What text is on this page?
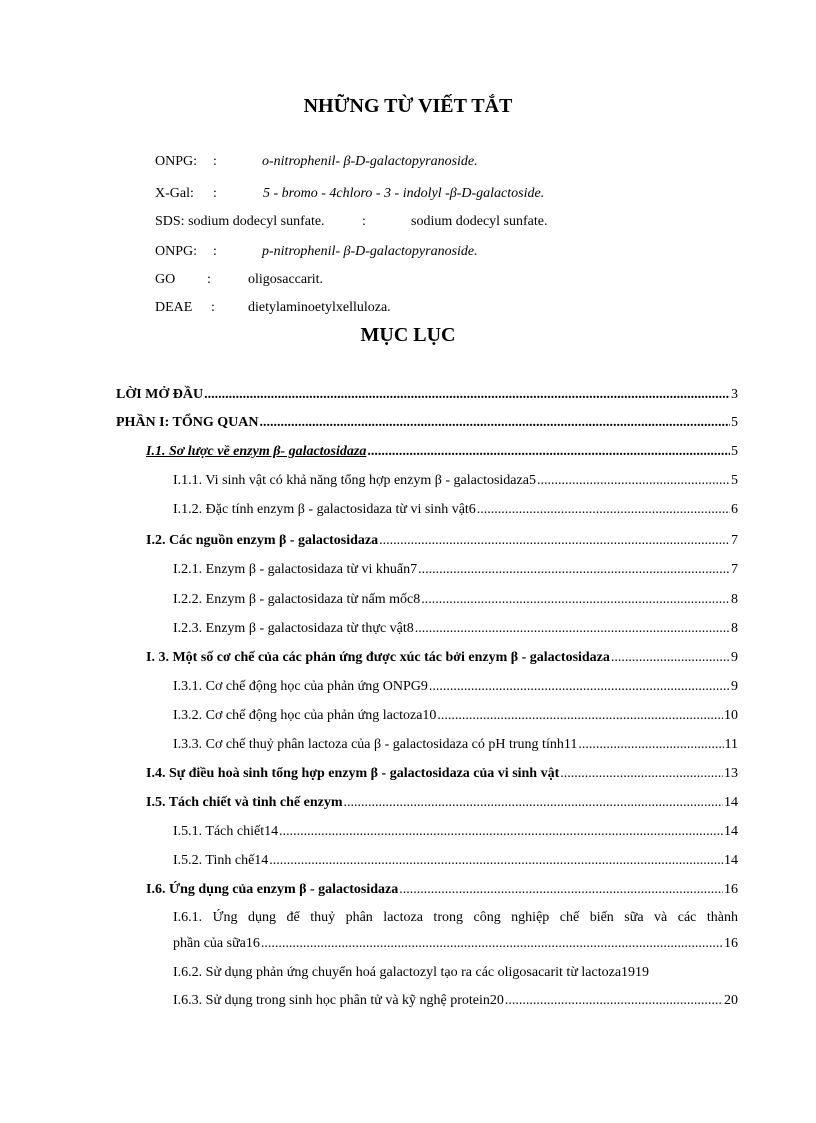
NHỮNG TỪ VIẾT TẮT
ONPG: :	o-nitrophenil- β-D-galactopyranoside.
X-Gal: :	5 - bromo - 4chloro - 3 - indolyl -β-D-galactoside.
SDS: sodium dodecyl sunfate.	:	sodium dodecyl sunfate.
ONPG: :	p-nitrophenil- β-D-galactopyranoside.
GO :	oligosaccarit.
DEAE : dietylaminoetylxelluloza.
MỤC LỤC
LỜI MỞ ĐẦU .....	3
PHẦN I: TỔNG QUAN .....	5
I.1. Sơ lược về enzym β- galactosidaza .....	5
I.1.1. Vi sinh vật có khả năng tổng hợp enzym β - galactosidaza5 .....	5
I.1.2. Đặc tính enzym β - galactosidaza từ vi sinh vật6 .....	6
I.2. Các nguồn enzym β - galactosidaza .....	7
I.2.1. Enzym β - galactosidaza từ vi khuẩn7 .....	7
I.2.2. Enzym β - galactosidaza từ nấm mốc8 .....	8
I.2.3. Enzym β - galactosidaza từ thực vật8 .....	8
I. 3. Một số cơ chế của các phản ứng được xúc tác bởi enzym β - galactosidaza .....	9
I.3.1. Cơ chế động học của phản ứng ONPG9 .....	9
I.3.2. Cơ chế động học của phản ứng lactoza10 .....	10
I.3.3. Cơ chế thuỷ phân lactoza của β - galactosidaza có pH trung tính11 .....	11
I.4. Sự điều hoà sinh tổng hợp enzym β - galactosidaza của vi sinh vật .....	13
I.5. Tách chiết và tinh chế enzym .....	14
I.5.1. Tách chiết14 .....	14
I.5.2. Tinh chế14 .....	14
I.6. Ứng dụng của enzym β - galactosidaza .....	16
I.6.1. Ứng dụng để thuỷ phân lactoza trong công nghiệp chế biến sữa và các thành
phần của sữa16 .....	16
I.6.2. Sử dụng phản ứng chuyển hoá galactozyl tạo ra các oligosacarit từ lactoza1919
I.6.3. Sử dụng trong sinh học phân tử và kỹ nghệ protein20 .....	20
